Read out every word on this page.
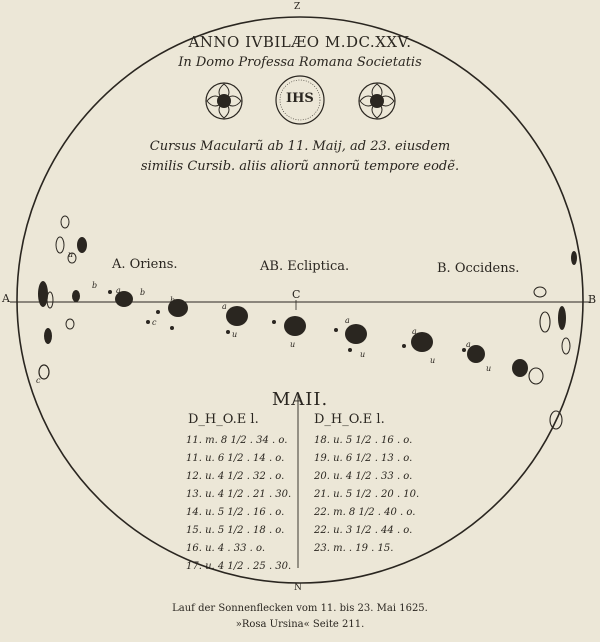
Z
ANNO IVBILÆO M.DC.XXV.
In Domo Professa Romana Societatis
IHS
Cursus Macularũ ab 11. Maij, ad 23. eiusdem
similis Cursib. aliis aliorũ annorũ tempore eodẽ.
A. Oriens.	AB. Ecliptica.	B. Occidens.
A	B
C
b
a b
c
b
a
u
u
a
u
a
u
a
u
c
u
MAII.
D_H_O.E l.	D_H_O.E l.
11. m. 8 1/2 . 34 . o.
11. u. 6 1/2 . 14 . o.
12. u. 4 1/2 . 32 . o.
13. u. 4 1/2 . 21 . 30.
14. u. 5 1/2 . 16 . o.
15. u. 5 1/2 . 18 . o.
16. u. 4 . 33 . o.
17. u. 4 1/2 . 25 . 30.
18. u. 5 1/2 . 16 . o.
19. u. 6 1/2 . 13 . o.
20. u. 4 1/2 . 33 . o.
21. u. 5 1/2 . 20 . 10.
22. m. 8 1/2 . 40 . o.
22. u. 3 1/2 . 44 . o.
23. m. . 19 . 15.
N
Lauf der Sonnenflecken vom 11. bis 23. Mai 1625.
»Rosa Ursina« Seite 211.
